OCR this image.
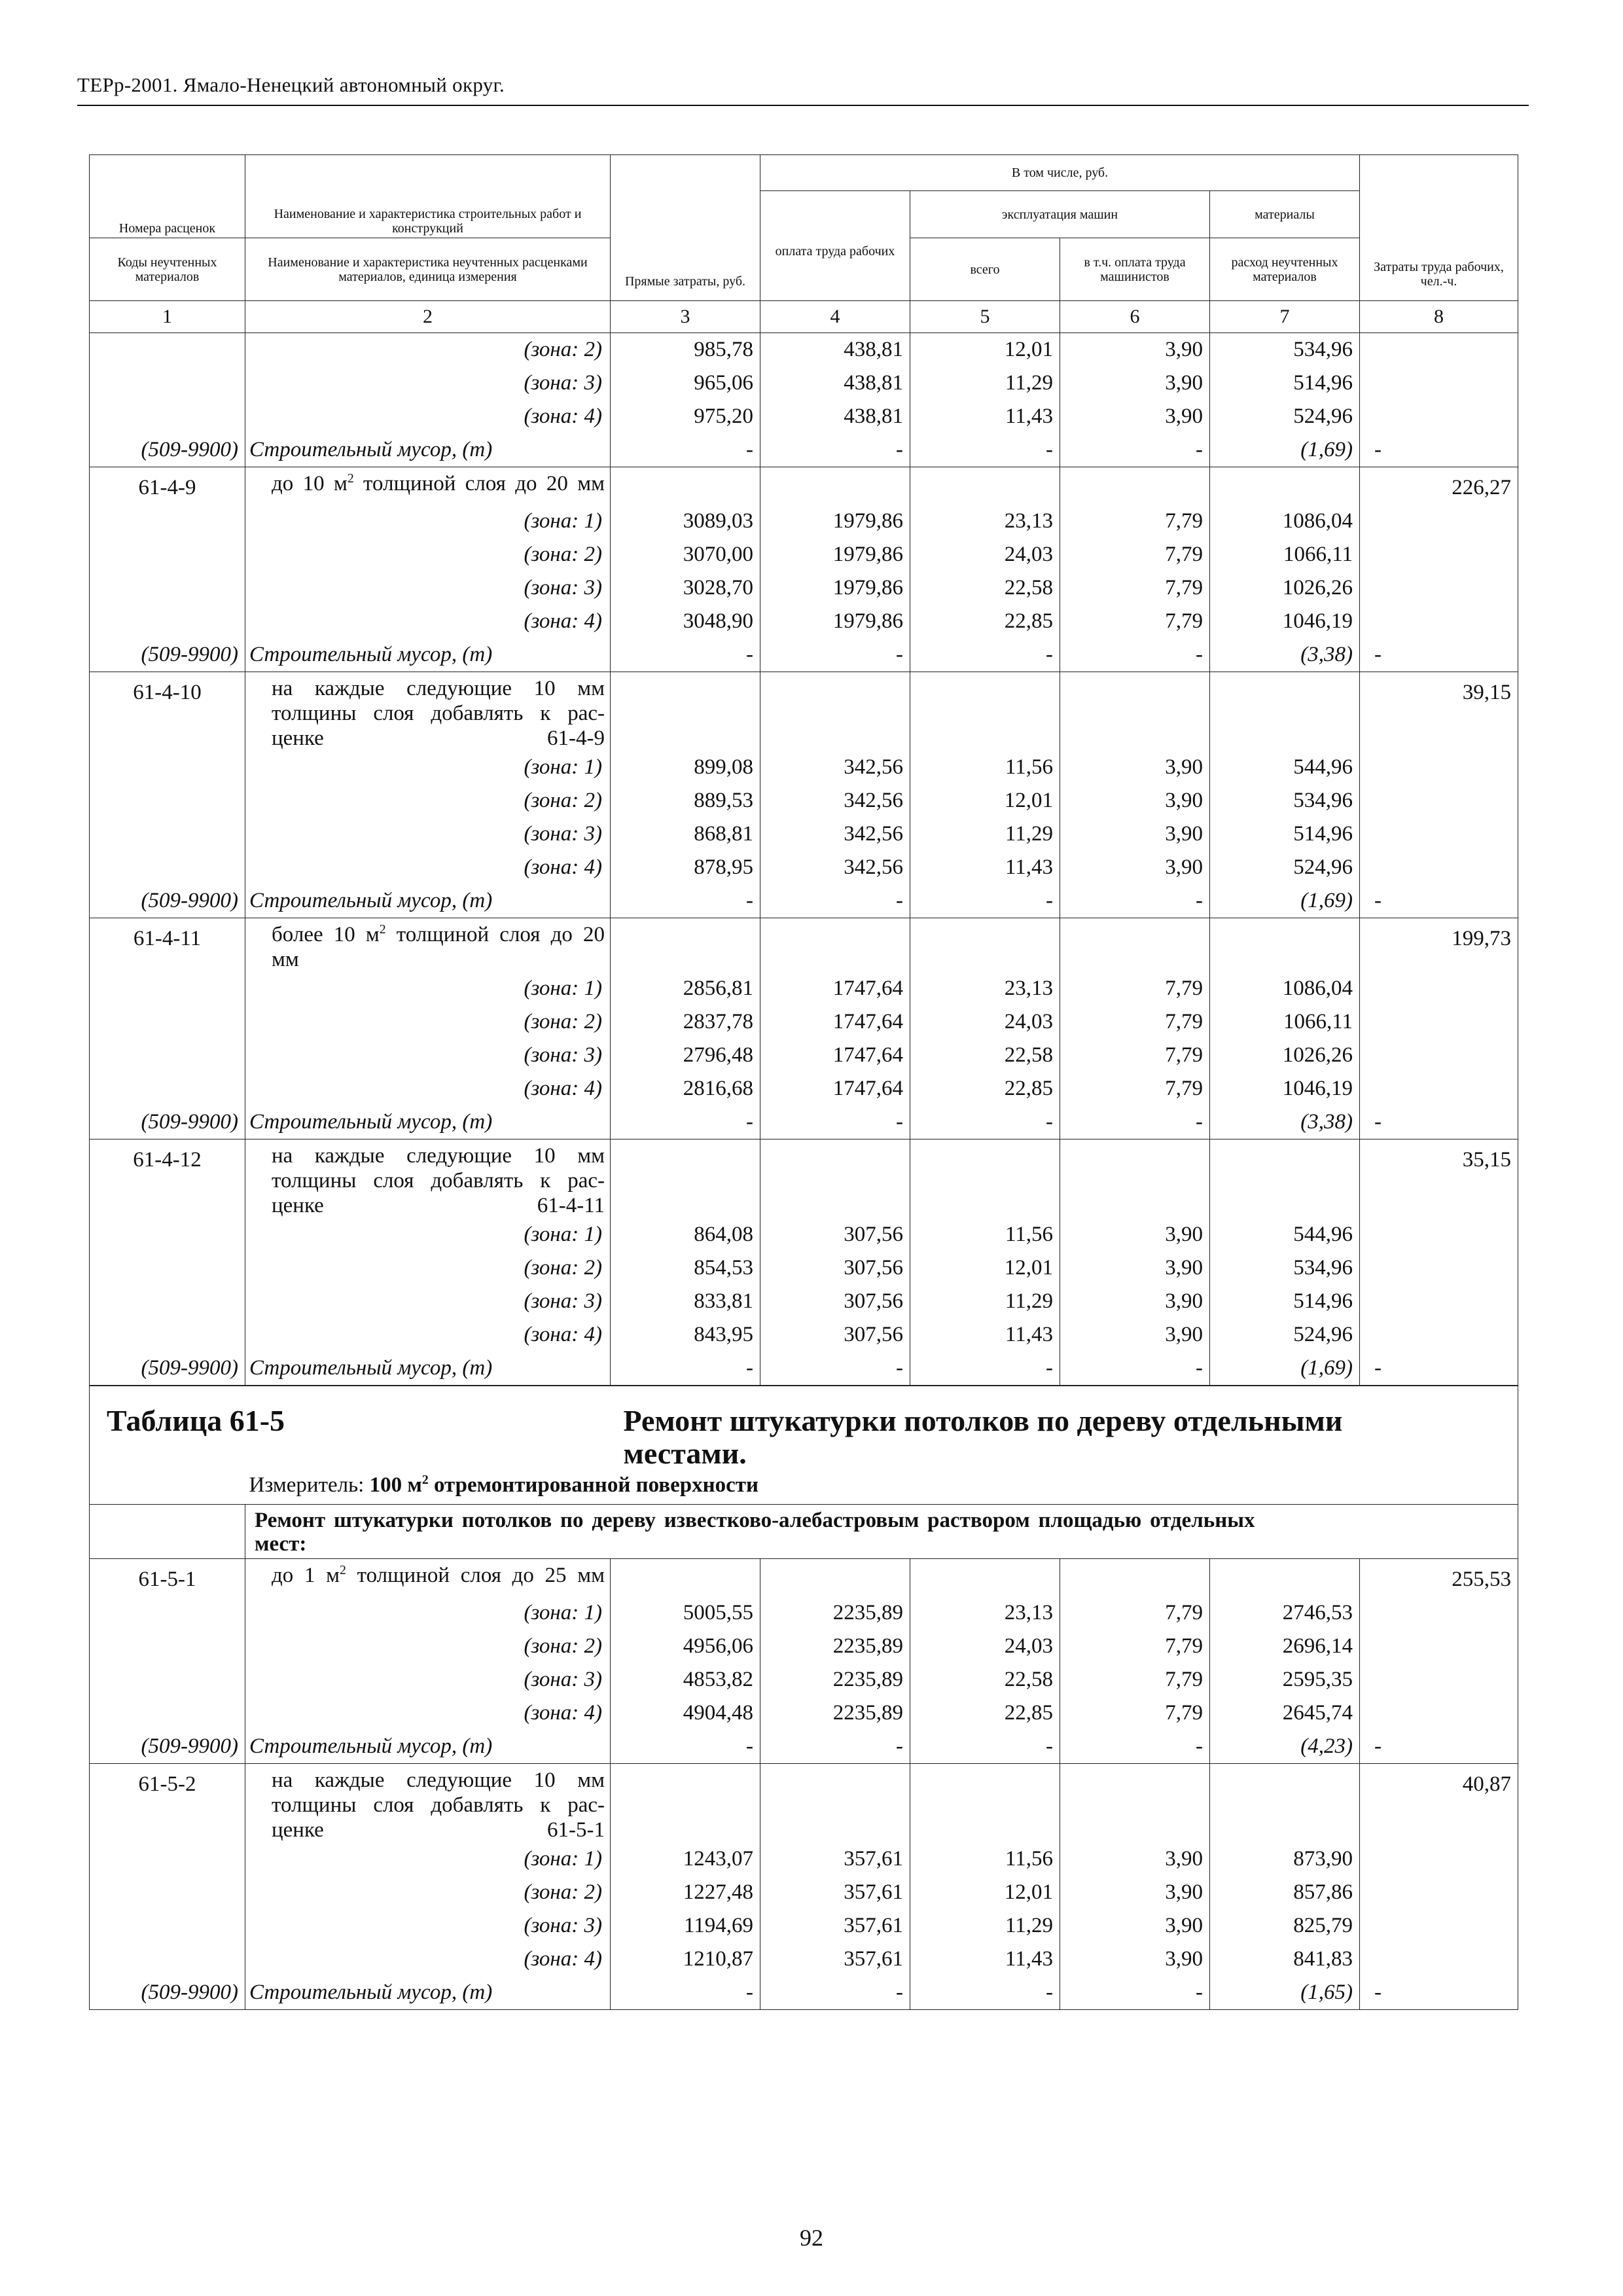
ТЕРр-2001. Ямало-Ненецкий автономный округ.
Номера расценок	Наименование и характеристика строительных работ и конструкций	Прямые затраты, руб.	В том числе, руб.				Затраты труда рабочих, чел.-ч.
			оплата труда рабочих	эксплуатация машин		материалы	
Коды неучтенных материалов	Наименование и характеристика неучтенных расценками материалов, единица измерения			всего	в т.ч. оплата труда машинистов	расход неучтенных материалов	
1	2	3	4	5	6	7	8
	(зона: 2)	985,78	438,81	12,01	3,90	534,96	
	(зона: 3)	965,06	438,81	11,29	3,90	514,96	
	(зона: 4)	975,20	438,81	11,43	3,90	524,96	
(509-9900)	Строительный мусор, (т)	-	-	-	-	(1,69)	-
61-4-9	до 10 $м^2$ толщиной слоя до 20 мм						226,27
	(зона: 1)	3089,03	1979,86	23,13	7,79	1086,04	
	(зона: 2)	3070,00	1979,86	24,03	7,79	1066,11	
	(зона: 3)	3028,70	1979,86	22,58	7,79	1026,26	
	(зона: 4)	3048,90	1979,86	22,85	7,79	1046,19	
(509-9900)	Строительный мусор, (т)	-	-	-	-	(3,38)	-
61-4-10	на каждые следующие 10 мм толщины слоя добавлять к рас-ценке 61-4-9						39,15
	(зона: 1)	899,08	342,56	11,56	3,90	544,96	
	(зона: 2)	889,53	342,56	12,01	3,90	534,96	
	(зона: 3)	868,81	342,56	11,29	3,90	514,96	
	(зона: 4)	878,95	342,56	11,43	3,90	524,96	
(509-9900)	Строительный мусор, (т)	-	-	-	-	(1,69)	-
61-4-11	более 10 $м^2$ толщиной слоя до 20 мм						199,73
	(зона: 1)	2856,81	1747,64	23,13	7,79	1086,04	
	(зона: 2)	2837,78	1747,64	24,03	7,79	1066,11	
	(зона: 3)	2796,48	1747,64	22,58	7,79	1026,26	
	(зона: 4)	2816,68	1747,64	22,85	7,79	1046,19	
(509-9900)	Строительный мусор, (т)	-	-	-	-	(3,38)	-
61-4-12	на каждые следующие 10 мм толщины слоя добавлять к рас-ценке 61-4-11						35,15
	(зона: 1)	864,08	307,56	11,56	3,90	544,96	
	(зона: 2)	854,53	307,56	12,01	3,90	534,96	
	(зона: 3)	833,81	307,56	11,29	3,90	514,96	
	(зона: 4)	843,95	307,56	11,43	3,90	524,96	
(509-9900)	Строительный мусор, (т)	-	-	-	-	(1,69)	-
Таблица 61-5		Ремонт штукатурки потолков по дереву отдельными местами.					

	Измеритель: 100 $м^2$ отремонтированной поверхности						
	Ремонт штукатурки потолков по дереву известково-алебастровым раствором площадью отдельных мест:						
61-5-1	до 1 $м^2$ толщиной слоя до 25 мм						255,53
	(зона: 1)	5005,55	2235,89	23,13	7,79	2746,53	
	(зона: 2)	4956,06	2235,89	24,03	7,79	2696,14	
	(зона: 3)	4853,82	2235,89	22,58	7,79	2595,35	
	(зона: 4)	4904,48	2235,89	22,85	7,79	2645,74	
(509-9900)	Строительный мусор, (т)	-	-	-	-	(4,23)	-
61-5-2	на каждые следующие 10 мм толщины слоя добавлять к рас-ценке 61-5-1						40,87
	(зона: 1)	1243,07	357,61	11,56	3,90	873,90	
	(зона: 2)	1227,48	357,61	12,01	3,90	857,86	
	(зона: 3)	1194,69	357,61	11,29	3,90	825,79	
	(зона: 4)	1210,87	357,61	11,43	3,90	841,83	
(509-9900)	Строительный мусор, (т)	-	-	-	-	(1,65)	-
92
